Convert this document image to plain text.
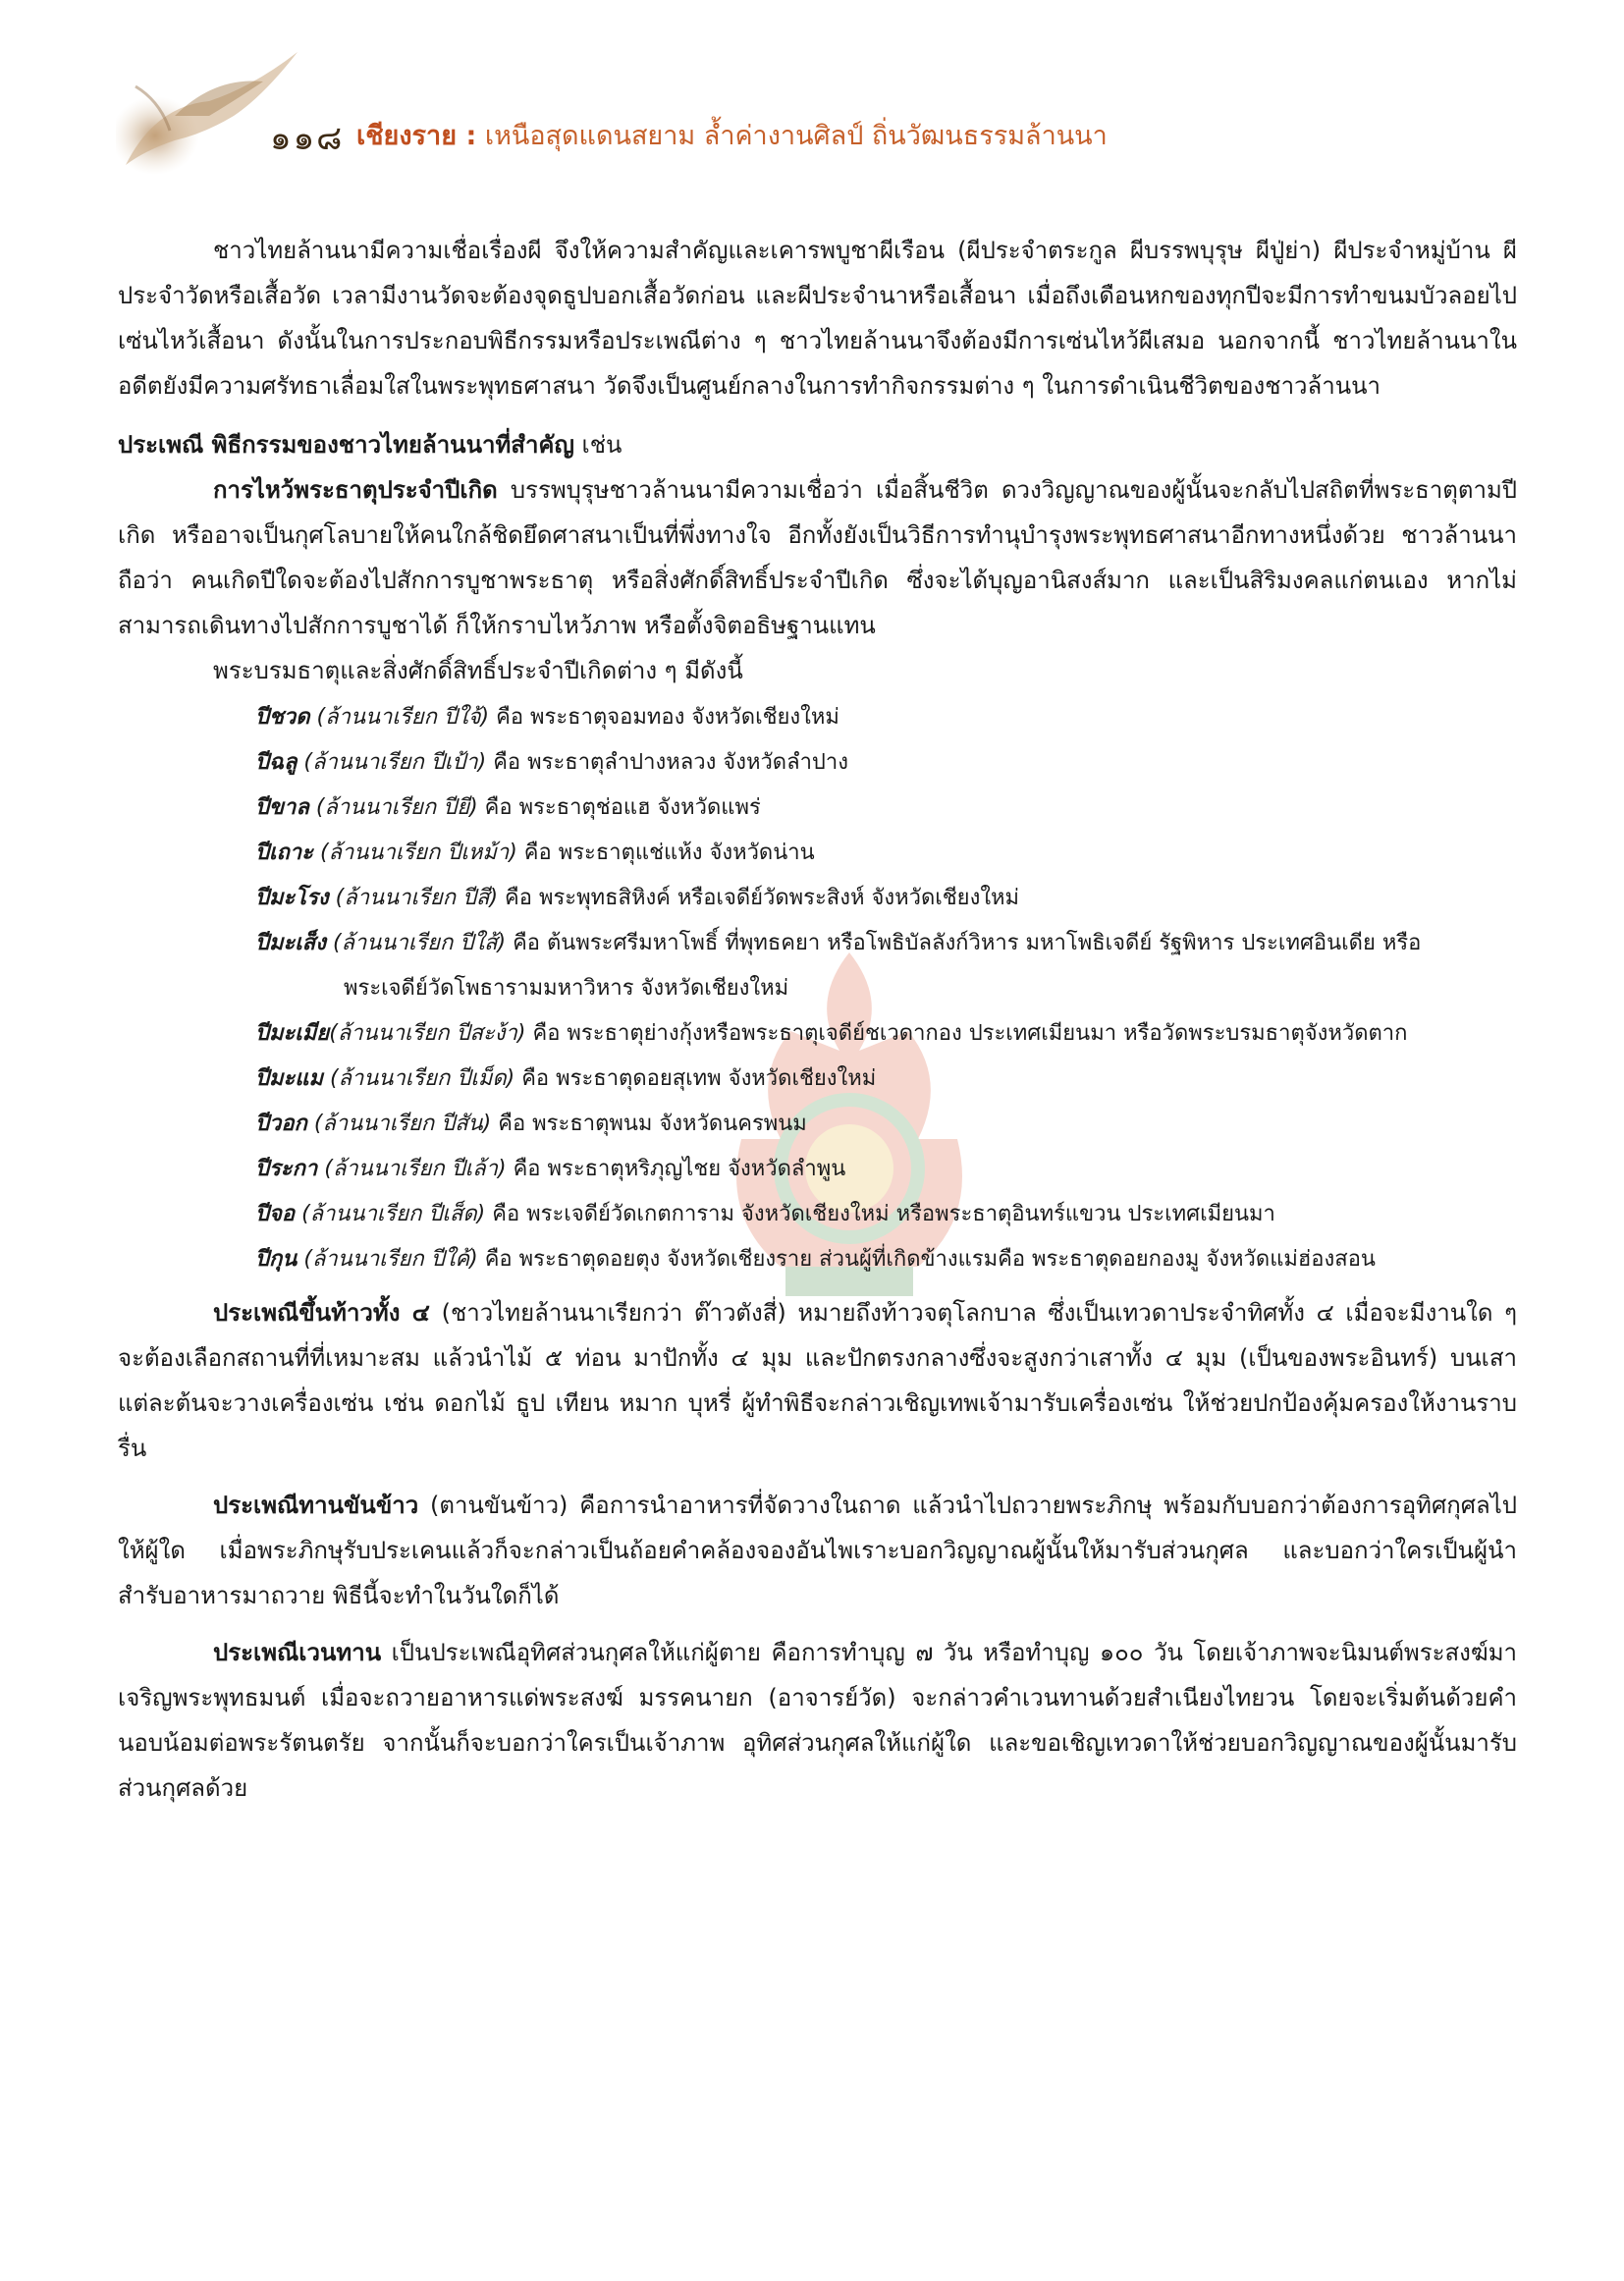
๑๑๘ เชียงราย : เหนือสุดแดนสยาม ล้ำค่างานศิลป์ ถิ่นวัฒนธรรมล้านนา

ชาวไทยล้านนามีความเชื่อเรื่องผี จึงให้ความสำคัญและเคารพบูชาผีเรือน (ผีประจำตระกูล ผีบรรพบุรุษ ผีปู่ย่า) ผีประจำหมู่บ้าน ผีประจำวัดหรือเสื้อวัด เวลามีงานวัดจะต้องจุดธูปบอกเสื้อวัดก่อน และผีประจำนาหรือเสื้อนา เมื่อถึงเดือนหกของทุกปีจะมีการทำขนมบัวลอยไปเซ่นไหว้เสื้อนา ดังนั้นในการประกอบพิธีกรรมหรือประเพณีต่าง ๆ ชาวไทยล้านนาจึงต้องมีการเซ่นไหว้ผีเสมอ นอกจากนี้ ชาวไทยล้านนาในอดีตยังมีความศรัทธาเลื่อมใสในพระพุทธศาสนา วัดจึงเป็นศูนย์กลางในการทำกิจกรรมต่าง ๆ ในการดำเนินชีวิตของชาวล้านนา

ประเพณี พิธีกรรมของชาวไทยล้านนาที่สำคัญ เช่น

การไหว้พระธาตุประจำปีเกิด บรรพบุรุษชาวล้านนามีความเชื่อว่า เมื่อสิ้นชีวิต ดวงวิญญาณของผู้นั้นจะกลับไปสถิตที่พระธาตุตามปีเกิด หรืออาจเป็นกุศโลบายให้คนใกล้ชิดยึดศาสนาเป็นที่พึ่งทางใจ อีกทั้งยังเป็นวิธีการทำนุบำรุงพระพุทธศาสนาอีกทางหนึ่งด้วย ชาวล้านนาถือว่า คนเกิดปีใดจะต้องไปสักการบูชาพระธาตุ หรือสิ่งศักดิ์สิทธิ์ประจำปีเกิด ซึ่งจะได้บุญอานิสงส์มาก และเป็นสิริมงคลแก่ตนเอง หากไม่สามารถเดินทางไปสักการบูชาได้ ก็ให้กราบไหว้ภาพ หรือตั้งจิตอธิษฐานแทน

พระบรมธาตุและสิ่งศักดิ์สิทธิ์ประจำปีเกิดต่าง ๆ มีดังนี้

ปีชวด (ล้านนาเรียก ปีใจ้) คือ พระธาตุจอมทอง จังหวัดเชียงใหม่
ปีฉลู (ล้านนาเรียก ปีเป้า) คือ พระธาตุลำปางหลวง จังหวัดลำปาง
ปีขาล (ล้านนาเรียก ปียี) คือ พระธาตุช่อแฮ จังหวัดแพร่
ปีเถาะ (ล้านนาเรียก ปีเหม้า) คือ พระธาตุแช่แห้ง จังหวัดน่าน
ปีมะโรง (ล้านนาเรียก ปีสี) คือ พระพุทธสิหิงค์ หรือเจดีย์วัดพระสิงห์ จังหวัดเชียงใหม่
ปีมะเส็ง (ล้านนาเรียก ปีใส้) คือ ต้นพระศรีมหาโพธิ์ ที่พุทธคยา หรือโพธิบัลลังก์วิหาร มหาโพธิเจดีย์ รัฐพิหาร ประเทศอินเดีย หรือ
พระเจดีย์วัดโพธารามมหาวิหาร จังหวัดเชียงใหม่
ปีมะเมีย(ล้านนาเรียก ปีสะง้า) คือ พระธาตุย่างกุ้งหรือพระธาตุเจดีย์ชเวดากอง ประเทศเมียนมา หรือวัดพระบรมธาตุจังหวัดตาก
ปีมะแม (ล้านนาเรียก ปีเม็ด) คือ พระธาตุดอยสุเทพ จังหวัดเชียงใหม่
ปีวอก (ล้านนาเรียก ปีสัน) คือ พระธาตุพนม จังหวัดนครพนม
ปีระกา (ล้านนาเรียก ปีเล้า) คือ พระธาตุหริภุญไชย จังหวัดลำพูน
ปีจอ (ล้านนาเรียก ปีเส็ด) คือ พระเจดีย์วัดเกตการาม จังหวัดเชียงใหม่ หรือพระธาตุอินทร์แขวน ประเทศเมียนมา
ปีกุน (ล้านนาเรียก ปีใค้) คือ พระธาตุดอยตุง จังหวัดเชียงราย ส่วนผู้ที่เกิดข้างแรมคือ พระธาตุดอยกองมู จังหวัดแม่ฮ่องสอน

ประเพณีขึ้นท้าวทั้ง ๔ (ชาวไทยล้านนาเรียกว่า ต๊าวตังสี่) หมายถึงท้าวจตุโลกบาล ซึ่งเป็นเทวดาประจำทิศทั้ง ๔ เมื่อจะมีงานใด ๆ จะต้องเลือกสถานที่ที่เหมาะสม แล้วนำไม้ ๕ ท่อน มาปักทั้ง ๔ มุม และปักตรงกลางซึ่งจะสูงกว่าเสาทั้ง ๔ มุม (เป็นของพระอินทร์) บนเสาแต่ละต้นจะวางเครื่องเซ่น เช่น ดอกไม้ ธูป เทียน หมาก บุหรี่ ผู้ทำพิธีจะกล่าวเชิญเทพเจ้ามารับเครื่องเซ่น ให้ช่วยปกป้องคุ้มครองให้งานราบรื่น

ประเพณีทานขันข้าว (ตานขันข้าว) คือการนำอาหารที่จัดวางในถาด แล้วนำไปถวายพระภิกษุ พร้อมกับบอกว่าต้องการอุทิศกุศลไปให้ผู้ใด เมื่อพระภิกษุรับประเคนแล้วก็จะกล่าวเป็นถ้อยคำคล้องจองอันไพเราะบอกวิญญาณผู้นั้นให้มารับส่วนกุศล และบอกว่าใครเป็นผู้นำสำรับอาหารมาถวาย พิธีนี้จะทำในวันใดก็ได้

ประเพณีเวนทาน เป็นประเพณีอุทิศส่วนกุศลให้แก่ผู้ตาย คือการทำบุญ ๗ วัน หรือทำบุญ ๑๐๐ วัน โดยเจ้าภาพจะนิมนต์พระสงฆ์มาเจริญพระพุทธมนต์ เมื่อจะถวายอาหารแด่พระสงฆ์ มรรคนายก (อาจารย์วัด) จะกล่าวคำเวนทานด้วยสำเนียงไทยวน โดยจะเริ่มต้นด้วยคำนอบน้อมต่อพระรัตนตรัย จากนั้นก็จะบอกว่าใครเป็นเจ้าภาพ อุทิศส่วนกุศลให้แก่ผู้ใด และขอเชิญเทวดาให้ช่วยบอกวิญญาณของผู้นั้นมารับส่วนกุศลด้วย
